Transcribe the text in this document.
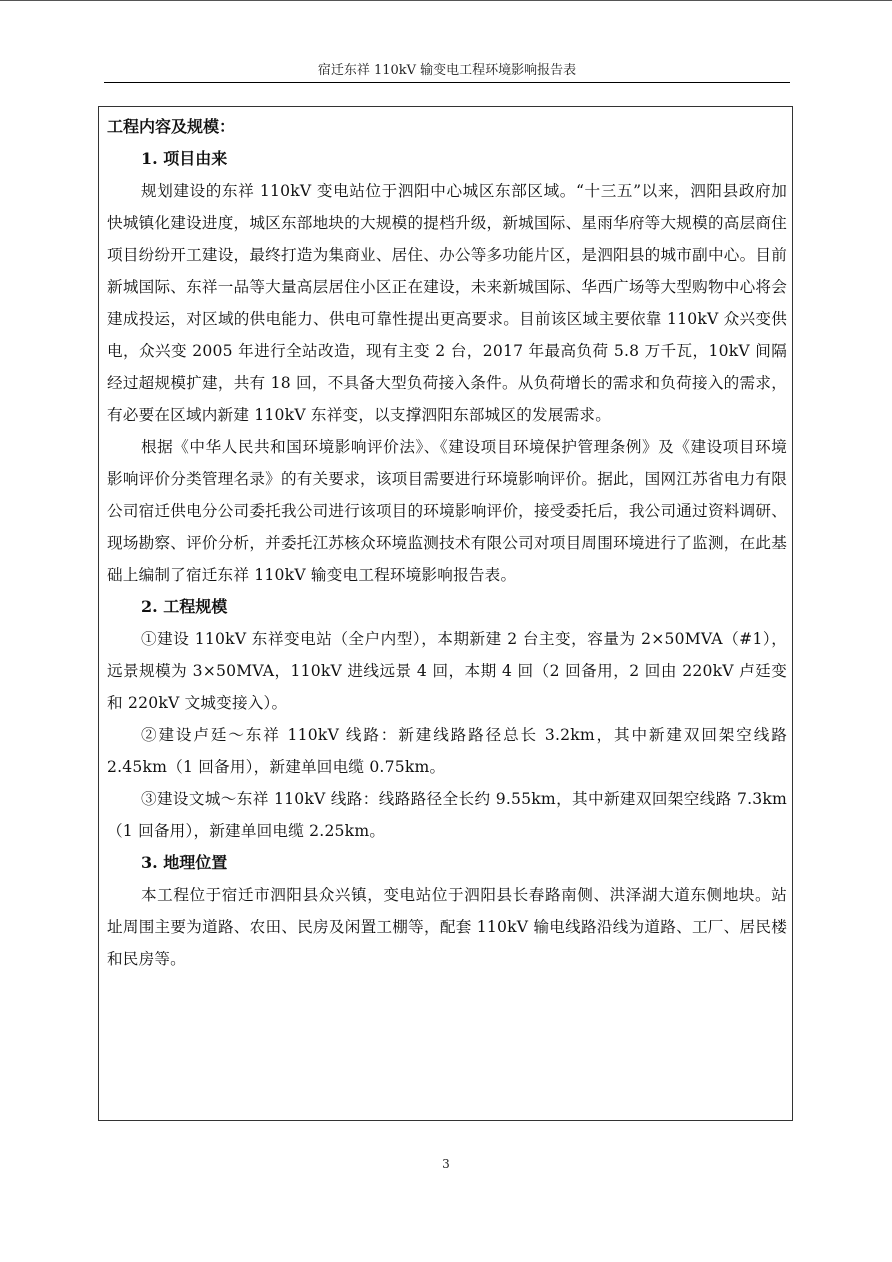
宿迁东祥 110kV 输变电工程环境影响报告表

工程内容及规模：

1. 项目由来

规划建设的东祥 110kV 变电站位于泗阳中心城区东部区域。“十三五”以来，泗阳县政府加快城镇化建设进度，城区东部地块的大规模的提档升级，新城国际、星雨华府等大规模的高层商住项目纷纷开工建设，最终打造为集商业、居住、办公等多功能片区，是泗阳县的城市副中心。目前新城国际、东祥一品等大量高层居住小区正在建设，未来新城国际、华西广场等大型购物中心将会建成投运，对区域的供电能力、供电可靠性提出更高要求。目前该区域主要依靠 110kV 众兴变供电，众兴变 2005 年进行全站改造，现有主变 2 台，2017 年最高负荷 5.8 万千瓦，10kV 间隔经过超规模扩建，共有 18 回，不具备大型负荷接入条件。从负荷增长的需求和负荷接入的需求，有必要在区域内新建 110kV 东祥变，以支撑泗阳东部城区的发展需求。

根据《中华人民共和国环境影响评价法》、《建设项目环境保护管理条例》及《建设项目环境影响评价分类管理名录》的有关要求，该项目需要进行环境影响评价。据此，国网江苏省电力有限公司宿迁供电分公司委托我公司进行该项目的环境影响评价，接受委托后，我公司通过资料调研、现场勘察、评价分析，并委托江苏核众环境监测技术有限公司对项目周围环境进行了监测，在此基础上编制了宿迁东祥 110kV 输变电工程环境影响报告表。

2. 工程规模

①建设 110kV 东祥变电站（全户内型），本期新建 2 台主变，容量为 2×50MVA（#1），远景规模为 3×50MVA，110kV 进线远景 4 回，本期 4 回（2 回备用，2 回由 220kV 卢廷变和 220kV 文城变接入）。

②建设卢廷～东祥 110kV 线路：新建线路路径总长 3.2km，其中新建双回架空线路 2.45km（1 回备用），新建单回电缆 0.75km。

③建设文城～东祥 110kV 线路：线路路径全长约 9.55km，其中新建双回架空线路 7.3km（1 回备用），新建单回电缆 2.25km。

3. 地理位置

本工程位于宿迁市泗阳县众兴镇，变电站位于泗阳县长春路南侧、洪泽湖大道东侧地块。站址周围主要为道路、农田、民房及闲置工棚等，配套 110kV 输电线路沿线为道路、工厂、居民楼和民房等。

3
